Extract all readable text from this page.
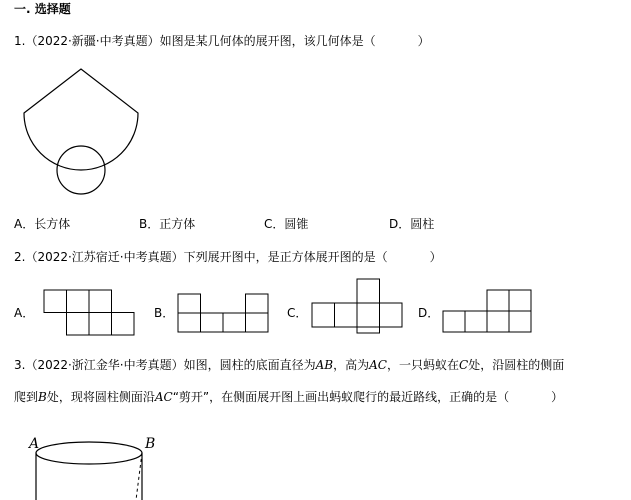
一. 选择题
1.（2022·新疆·中考真题）如图是某几何体的展开图，该几何体是（	）
A．长方体	B．正方体	C．圆锥	D．圆柱
2.（2022·江苏宿迁·中考真题）下列展开图中，是正方体展开图的是（	）
A．	B．	C．	D．
3.（2022·浙江金华·中考真题）如图，圆柱的底面直径为AB，高为AC，一只蚂蚁在C处，沿圆柱的侧面
爬到B处，现将圆柱侧面沿AC“剪开”，在侧面展开图上画出蚂蚁爬行的最近路线，正确的是（	）
A	B
